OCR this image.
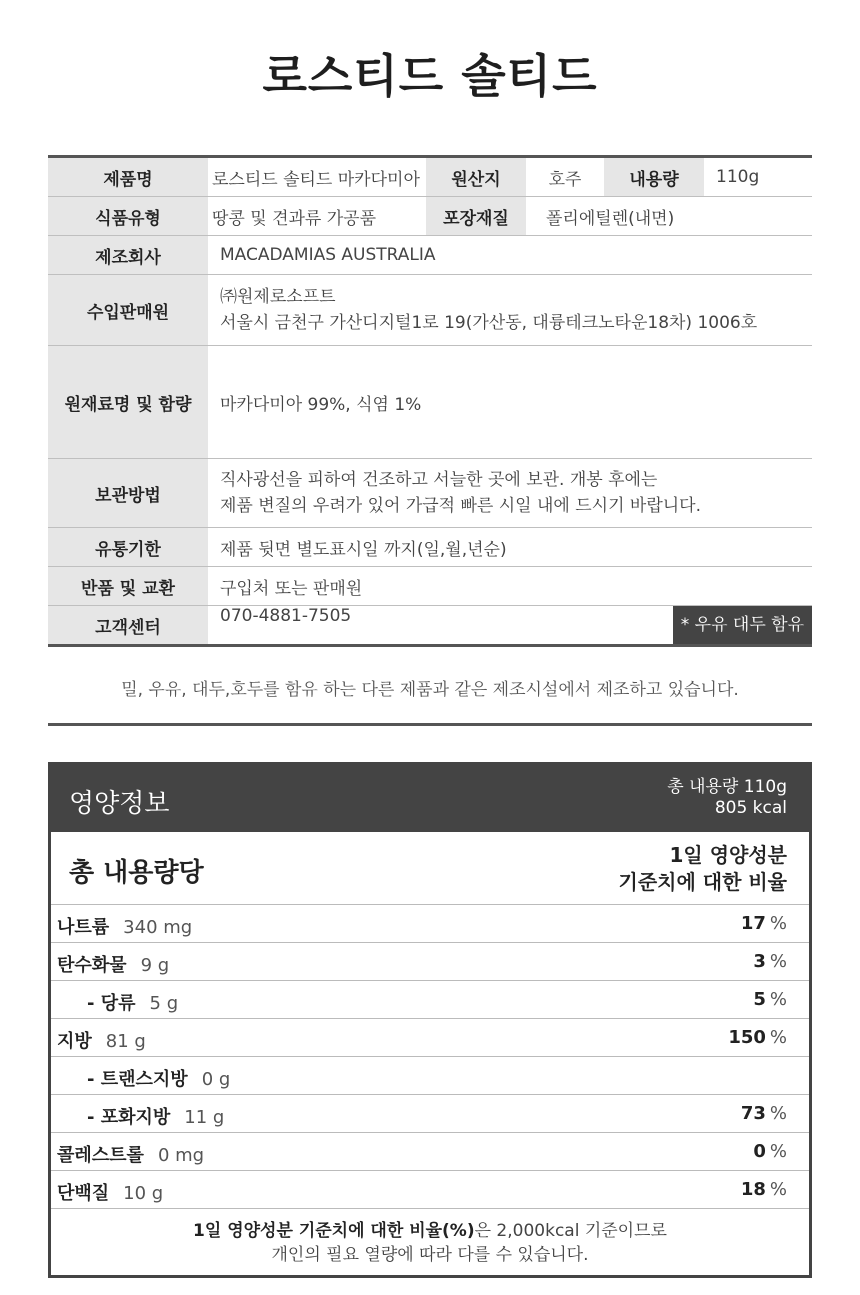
로스티드 솔티드
제품명	로스티드 솔티드 마카다미아	원산지	호주	내용량	110g
식품유형	땅콩 및 견과류 가공품	포장재질	폴리에틸렌(내면)		
제조회사	MACADAMIAS AUSTRALIA				
수입판매원	㈜원제로소프트
서울시 금천구 가산디지털1로 19(가산동, 대륭테크노타운18차) 1006호				

원재료명 및 함량	마카다미아 99%, 식염 1%				
보관방법	직사광선을 피하여 건조하고 서늘한 곳에 보관. 개봉 후에는
제품 변질의 우려가 있어 가급적 빠른 시일 내에 드시기 바랍니다.				

유통기한	제품 뒷면 별도표시일 까지(일,월,년순)				
반품 및 교환	구입처 또는 판매원				
고객센터	070-4881-7505 * 우유 대두 함유				
밀, 우유, 대두,호두를 함유 하는 다른 제품과 같은 제조시설에서 제조하고 있습니다.
영양정보
총 내용량 110g
805 kcal
총 내용량당
1일 영양성분
기준치에 대한 비율
나트륨 340 mg	17 %
탄수화물 9 g	3 %
- 당류 5 g	5 %
지방 81 g	150 %
- 트랜스지방 0 g
- 포화지방 11 g	73 %
콜레스트롤 0 mg	0 %
단백질 10 g	18 %
1일 영양성분 기준치에 대한 비율(%)은 2,000kcal 기준이므로
개인의 필요 열량에 따라 다를 수 있습니다.
